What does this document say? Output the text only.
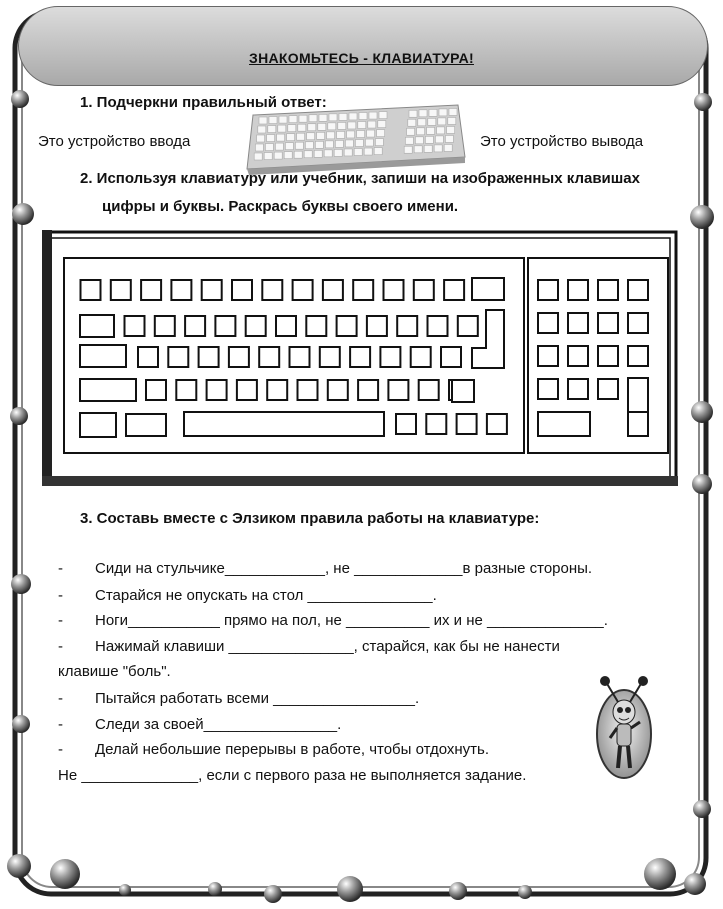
ЗНАКОМЬТЕСЬ - КЛАВИАТУРА!
1. Подчеркни правильный ответ:
Это устройство ввода	Это устройство вывода
2. Используя клавиатуру или учебник, запиши на изображенных клавишах
цифры и буквы. Раскрась буквы своего имени.
3. Составь вместе с Элзиком правила работы на клавиатуре:
- Сиди на стульчике____________, не _____________в разные стороны.
- Старайся не опускать на стол _______________.
- Ноги___________ прямо на пол, не __________ их и не ______________.
- Нажимай клавиши _______________, старайся, как бы не нанести
клавише "боль".
- Пытайся работать всеми _________________.
- Следи за своей________________.
- Делай небольшие перерывы в работе, чтобы отдохнуть.
Не ______________, если с первого раза не выполняется задание.
